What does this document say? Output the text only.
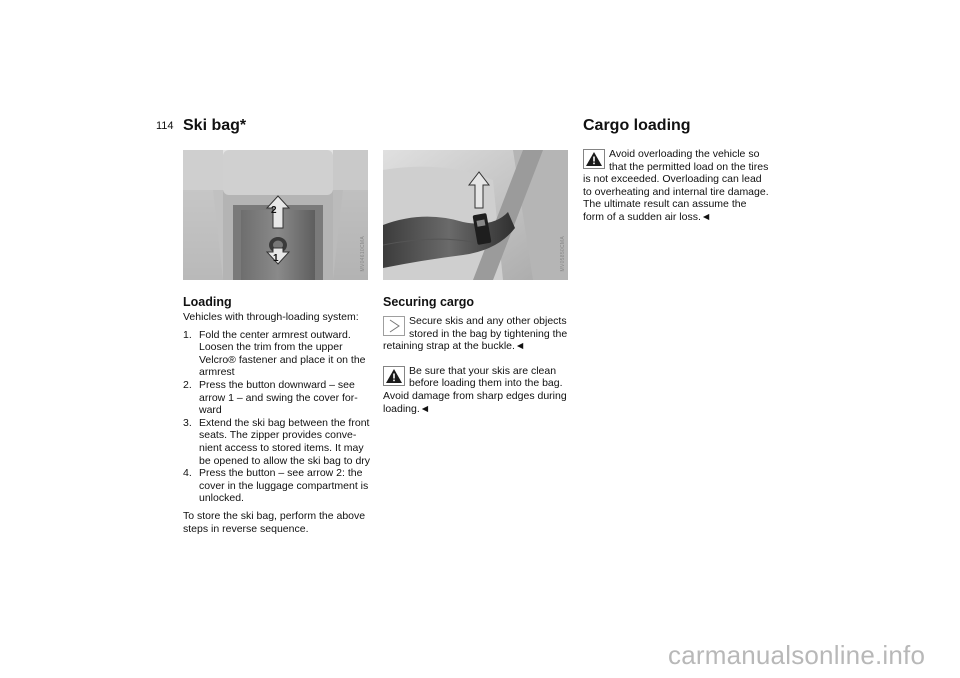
114 Ski bag*	Cargo loading
2
1	MV04610CMA	MV05850CMA
Loading

Vehicles with through-loading system:

1. Fold the center armrest outward.
Loosen the trim from the upper
Velcro® fastener and place it on the
armrest
2. Press the button downward – see
arrow 1 – and swing the cover for-
ward
3. Extend the ski bag between the front
seats. The zipper provides conve-
nient access to stored items. It may
be opened to allow the ski bag to dry
4. Press the button – see arrow 2: the
cover in the luggage compartment is
unlocked.
To store the ski bag, perform the above
steps in reverse sequence.
Securing cargo
Secure skis and any other objects
stored in the bag by tightening the
retaining strap at the buckle.◄
Be sure that your skis are clean
before loading them into the bag.
Avoid damage from sharp edges during
loading.◄
Avoid overloading the vehicle so
that the permitted load on the tires
is not exceeded. Overloading can lead
to overheating and internal tire damage.
The ultimate result can assume the
form of a sudden air loss.◄
carmanualsonline.info
